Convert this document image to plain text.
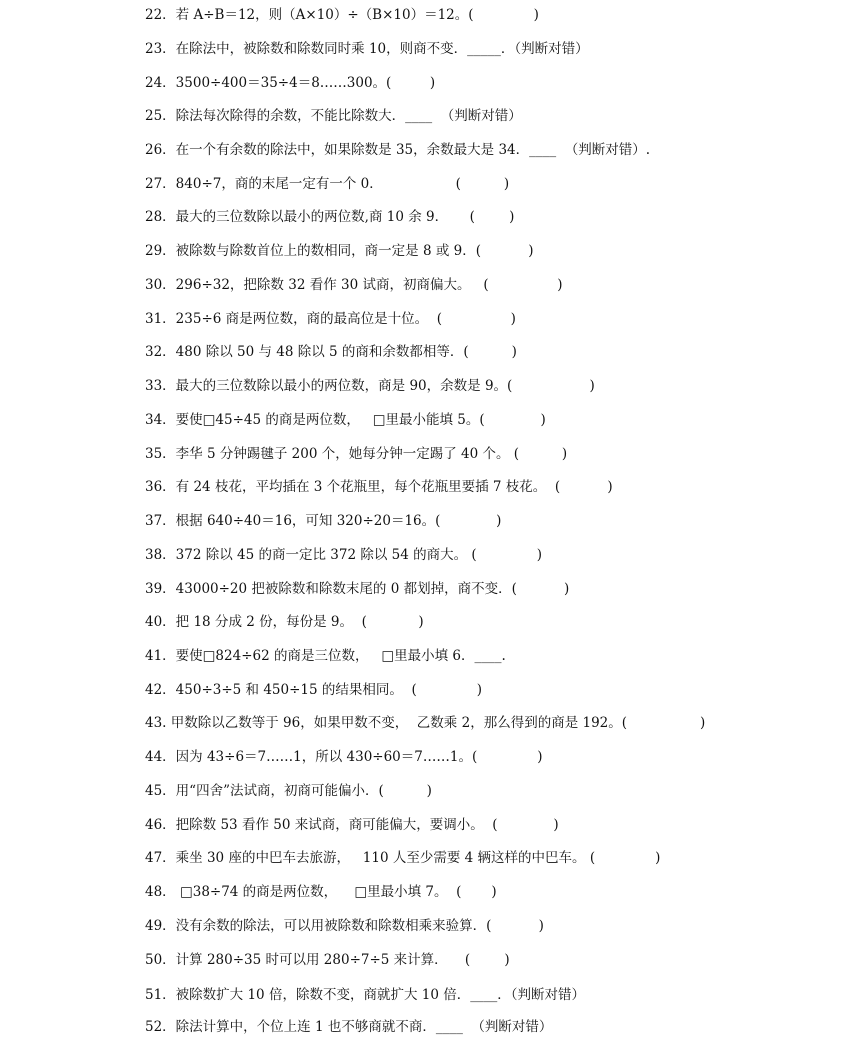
22．若 A÷B＝12，则（A×10）÷（B×10）＝12。(              )
23．在除法中，被除数和除数同时乘 10，则商不变．_____．（判断对错）
24．3500÷400＝35÷4＝8……300。(         )
25．除法每次除得的余数，不能比除数大．____  （判断对错）
26．在一个有余数的除法中，如果除数是 35，余数最大是 34．____  （判断对错）.
27．840÷7，商的末尾一定有一个 0．                 (          )
28．最大的三位数除以最小的两位数,商 10 余 9．     (        )
29．被除数与除数首位上的数相同，商一定是 8 或 9．(           )
30．296÷32，把除数 32 看作 30 试商，初商偏大。   (                )
31．235÷6 商是两位数，商的最高位是十位。  (                )
32．480 除以 50 与 48 除以 5 的商和余数都相等．(          )
33．最大的三位数除以最小的两位数，商是 90，余数是 9。(                  )
34．要使□45÷45 的商是两位数，   □里最小能填 5。(             )
35．李华 5 分钟踢毽子 200 个，她每分钟一定踢了 40 个。 (          )
36．有 24 枝花，平均插在 3 个花瓶里，每个花瓶里要插 7 枝花。  (           )
37．根据 640÷40＝16，可知 320÷20＝16。(             )
38．372 除以 45 的商一定比 372 除以 54 的商大。 (              )
39．43000÷20 把被除数和除数末尾的 0 都划掉，商不变．(           )
40．把 18 分成 2 份，每份是 9。  (            )
41．要使□824÷62 的商是三位数，   □里最小填 6．____.
42．450÷3÷5 和 450÷15 的结果相同。  (              )
43. 甲数除以乙数等于 96，如果甲数不变，  乙数乘 2，那么得到的商是 192。(                 )
44．因为 43÷6＝7……1，所以 430÷60＝7……1。(              )
45．用“四舍”法试商，初商可能偏小．(          )
46．把除数 53 看作 50 来试商，商可能偏大，要调小。  (             )
47．乘坐 30 座的中巴车去旅游，   110 人至少需要 4 辆这样的中巴车。 (              )
48． □38÷74 的商是两位数，    □里最小填 7。  (       )
49．没有余数的除法，可以用被除数和除数相乘来验算．(           )
50．计算 280÷35 时可以用 280÷7÷5 来计算．    (        )
51．被除数扩大 10 倍，除数不变，商就扩大 10 倍．____．（判断对错）
52．除法计算中，个位上连 1 也不够商就不商．____  （判断对错）
